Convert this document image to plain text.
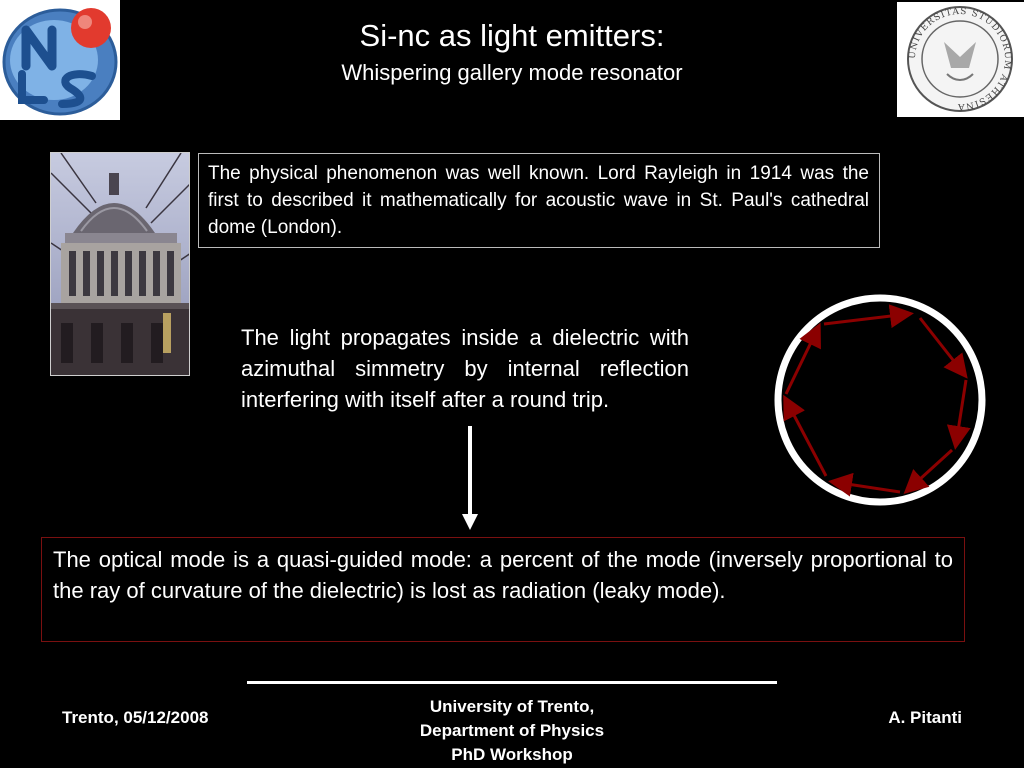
UNIVERSITAS STUDIORUM ATHESINA
Si-nc as light emitters:
Whispering gallery mode resonator
The physical phenomenon was well known. Lord Rayleigh in 1914 was the first to described it mathematically for acoustic wave in St. Paul's cathedral dome (London).
The light propagates inside a dielectric with azimuthal simmetry by internal reflection interfering with itself after a round trip.
The optical mode is a quasi-guided mode: a percent of the mode (inversely proportional to the ray of curvature of the dielectric) is lost as radiation (leaky mode).
Trento, 05/12/2008
University of Trento,
Department of Physics
PhD Workshop
A. Pitanti
